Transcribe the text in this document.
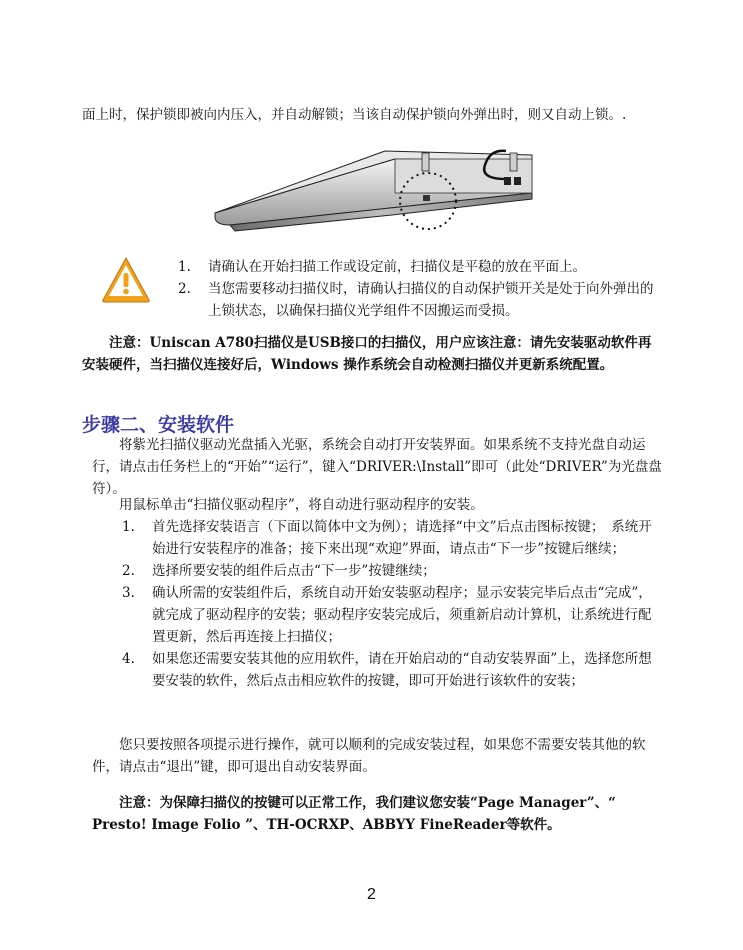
面上时，保护锁即被向内压入，并自动解锁；当该自动保护锁向外弹出时，则又自动上锁。.
1. 请确认在开始扫描工作或设定前，扫描仪是平稳的放在平面上。
2. 当您需要移动扫描仪时，请确认扫描仪的自动保护锁开关是处于向外弹出的上锁状态，以确保扫描仪光学组件不因搬运而受损。
注意：Uniscan A780扫描仪是USB接口的扫描仪，用户应该注意：请先安装驱动软件再安装硬件，当扫描仪连接好后，Windows 操作系统会自动检测扫描仪并更新系统配置。
步骤二、安装软件
将紫光扫描仪驱动光盘插入光驱，系统会自动打开安装界面。如果系统不支持光盘自动运行，请点击任务栏上的“开始”“运行”，键入“DRIVER:\Install”即可（此处“DRIVER”为光盘盘符）。
用鼠标单击“扫描仪驱动程序”，将自动进行驱动程序的安装。
1. 首先选择安装语言（下面以简体中文为例）；请选择“中文”后点击图标按键；　系统开始进行安装程序的准备；接下来出现“欢迎”界面，请点击“下一步”按键后继续；
2. 选择所要安装的组件后点击“下一步”按键继续；
3. 确认所需的安装组件后，系统自动开始安装驱动程序；显示安装完毕后点击“完成”，就完成了驱动程序的安装；驱动程序安装完成后，须重新启动计算机，让系统进行配置更新，然后再连接上扫描仪；
4. 如果您还需要安装其他的应用软件，请在开始启动的“自动安装界面”上，选择您所想要安装的软件，然后点击相应软件的按键，即可开始进行该软件的安装；
您只要按照各项提示进行操作，就可以顺利的完成安装过程，如果您不需要安装其他的软件，请点击“退出”键，即可退出自动安装界面。
注意：为保障扫描仪的按键可以正常工作，我们建议您安装“Page Manager”、“ Presto! Image Folio ”、TH-OCRXP、ABBYY FineReader等软件。
2
